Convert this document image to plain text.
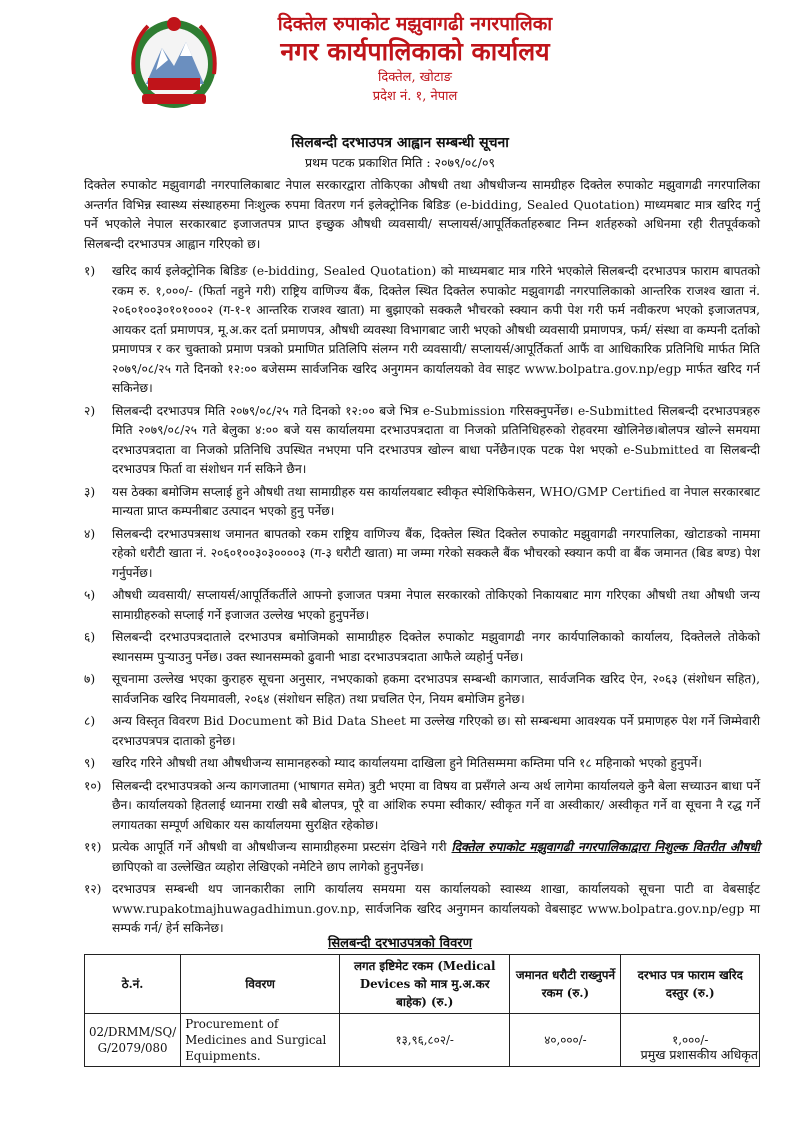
दिक्तेल रुपाकोट मझुवागढी नगरपालिका
नगर कार्यपालिकाको कार्यालय
दिक्तेल, खोटाङ
प्रदेश नं. १, नेपाल
सिलबन्दी दरभाउपत्र आह्वान सम्बन्धी सूचना
प्रथम पटक प्रकाशित मिति : २०७९/०८/०९
दिक्तेल रुपाकोट मझुवागढी नगरपालिकाबाट नेपाल सरकारद्वारा तोकिएका औषधी तथा औषधीजन्य सामग्रीहरु दिक्तेल रुपाकोट मझुवागढी नगरपालिका अन्तर्गत विभिन्न स्वास्थ्य संस्थाहरुमा निःशुल्क रुपमा वितरण गर्न इलेक्ट्रोनिक बिडिङ (e-bidding, Sealed Quotation) माध्यमबाट मात्र खरिद गर्नु पर्ने भएकोले नेपाल सरकारबाट इजाजतपत्र प्राप्त इच्छुक औषधी व्यवसायी/ सप्लायर्स/आपूर्तिकर्ताहरुबाट निम्न शर्तहरुको अधिनमा रही रीतपूर्वकको सिलबन्दी दरभाउपत्र आह्वान गरिएको छ।
१)	खरिद कार्य इलेक्ट्रोनिक बिडिङ (e-bidding, Sealed Quotation) को माध्यमबाट मात्र गरिने भएकोले सिलबन्दी दरभाउपत्र फाराम बापतको रकम रु. १,०००/- (फिर्ता नहुने गरी) राष्ट्रिय वाणिज्य बैंक, दिक्तेल स्थित दिक्तेल रुपाकोट मझुवागढी नगरपालिकाको आन्तरिक राजश्व खाता नं. २०६०१००३०१०१०००२ (ग-१-१ आन्तरिक राजश्व खाता) मा बुझाएको सक्कलै भौचरको स्क्यान कपी पेश गरी फर्म नवीकरण भएको इजाजतपत्र, आयकर दर्ता प्रमाणपत्र, मू.अ.कर दर्ता प्रमाणपत्र, औषधी व्यवस्था विभागबाट जारी भएको औषधी व्यवसायी प्रमाणपत्र, फर्म/ संस्था वा कम्पनी दर्ताको प्रमाणपत्र र कर चुक्ताको प्रमाण पत्रको प्रमाणित प्रतिलिपि संलग्न गरी व्यवसायी/ सप्लायर्स/आपूर्तिकर्ता आफैं वा आधिकारिक प्रतिनिधि मार्फत मिति २०७९/०८/२५ गते दिनको १२:०० बजेसम्म सार्वजनिक खरिद अनुगमन कार्यालयको वेव साइट www.bolpatra.gov.np/egp मार्फत खरिद गर्न सकिनेछ।
२)	सिलबन्दी दरभाउपत्र मिति २०७९/०८/२५ गते दिनको १२:०० बजे भित्र e-Submission गरिसक्नुपर्नेछ। e-Submitted सिलबन्दी दरभाउपत्रहरु मिति २०७९/०८/२५ गते बेलुका ४:०० बजे यस कार्यालयमा दरभाउपत्रदाता वा निजको प्रतिनिधिहरुको रोहवरमा खोलिनेछ।बोलपत्र खोल्ने समयमा दरभाउपत्रदाता वा निजको प्रतिनिधि उपस्थित नभएमा पनि दरभाउपत्र खोल्न बाधा पर्नेछैन।एक पटक पेश भएको e-Submitted वा सिलबन्दी दरभाउपत्र फिर्ता वा संशोधन गर्न सकिने छैन।
३)	यस ठेक्का बमोजिम सप्लाई हुने औषधी तथा सामाग्रीहरु यस कार्यालयबाट स्वीकृत स्पेशिफिकेसन, WHO/GMP Certified वा नेपाल सरकारबाट मान्यता प्राप्त कम्पनीबाट उत्पादन भएको हुनु पर्नेछ।
४)	सिलबन्दी दरभाउपत्रसाथ जमानत बापतको रकम राष्ट्रिय वाणिज्य बैंक, दिक्तेल स्थित दिक्तेल रुपाकोट मझुवागढी नगरपालिका, खोटाङको नाममा रहेको धरौटी खाता नं. २०६०१००३०३००००३ (ग-३ धरौटी खाता) मा जम्मा गरेको सक्कलै बैंक भौचरको स्क्यान कपी वा बैंक जमानत (बिड बण्ड) पेश गर्नुपर्नेछ।
५)	औषधी व्यवसायी/ सप्लायर्स/आपूर्तिकर्तीले आफ्नो इजाजत पत्रमा नेपाल सरकारको तोकिएको निकायबाट माग गरिएका औषधी तथा औषधी जन्य सामाग्रीहरुको सप्लाई गर्ने इजाजत उल्लेख भएको हुनुपर्नेछ।
६)	सिलबन्दी दरभाउपत्रदाताले दरभाउपत्र बमोजिमको सामाग्रीहरु दिक्तेल रुपाकोट मझुवागढी नगर कार्यपालिकाको कार्यालय, दिक्तेलले तोकेको स्थानसम्म पुऱ्याउनु पर्नेछ। उक्त स्थानसम्मको ढुवानी भाडा दरभाउपत्रदाता आफैले व्यहोर्नु पर्नेछ।
७)	सूचनामा उल्लेख भएका कुराहरु सूचना अनुसार, नभएकाको हकमा दरभाउपत्र सम्बन्धी कागजात, सार्वजनिक खरिद ऐन, २०६३ (संशोधन सहित), सार्वजनिक खरिद नियमावली, २०६४ (संशोधन सहित) तथा प्रचलित ऐन, नियम बमोजिम हुनेछ।
८)	अन्य विस्तृत विवरण Bid Document को Bid Data Sheet मा उल्लेख गरिएको छ। सो सम्बन्धमा आवश्यक पर्ने प्रमाणहरु पेश गर्ने जिम्मेवारी दरभाउपत्रपत्र दाताको हुनेछ।
९)	खरिद गरिने औषधी तथा औषधीजन्य सामानहरुको म्याद कार्यालयमा दाखिला हुने मितिसम्ममा कम्तिमा पनि १८ महिनाको भएको हुनुपर्ने।
१०) सिलबन्दी दरभाउपत्रको अन्य कागजातमा (भाषागत समेत) त्रुटी भएमा वा विषय वा प्रसँगले अन्य अर्थ लागेमा कार्यालयले कुनै बेला सच्याउन बाधा पर्ने छैन। कार्यालयको हितलाई ध्यानमा राखी सबै बोलपत्र, पूरै वा आंशिक रुपमा स्वीकार/ स्वीकृत गर्ने वा अस्वीकार/ अस्वीकृत गर्ने वा सूचना नै रद्ध गर्ने लगायतका सम्पूर्ण अधिकार यस कार्यालयमा सुरक्षित रहेकोछ।
११) प्रत्येक आपूर्ति गर्ने औषधी वा औषधीजन्य सामाग्रीहरुमा प्रस्टसंग देखिने गरी दिक्तेल रुपाकोट मझुवागढी नगरपालिकाद्वारा निशुल्क वितरीत औषधी छापिएको वा उल्लेखित व्यहोरा लेखिएको नमेटिने छाप लागेको हुनुपर्नेछ।
१२) दरभाउपत्र सम्बन्धी थप जानकारीका लागि कार्यालय समयमा यस कार्यालयको स्वास्थ्य शाखा, कार्यालयको सूचना पाटी वा वेबसाईट www.rupakotmajhuwagadhimun.gov.np, सार्वजनिक खरिद अनुगमन कार्यालयको वेबसाइट www.bolpatra.gov.np/egp मा सम्पर्क गर्न/ हेर्न सकिनेछ।
सिलबन्दी दरभाउपत्रको विवरण
ठे.नं.	विवरण	लगत इष्टिमेट रकम (Medical Devices को मात्र मु.अ.कर बाहेक) (रु.)	जमानत धरौटी राख्नुपर्ने रकम (रु.)	दरभाउ पत्र फाराम खरिद दस्तुर (रु.)
02/DRMM/SQ/ G/2079/080	Procurement of Medicines and Surgical Equipments.	१३,९६,८०२/-	४०,०००/-	१,०००/-
प्रमुख प्रशासकीय अधिकृत
